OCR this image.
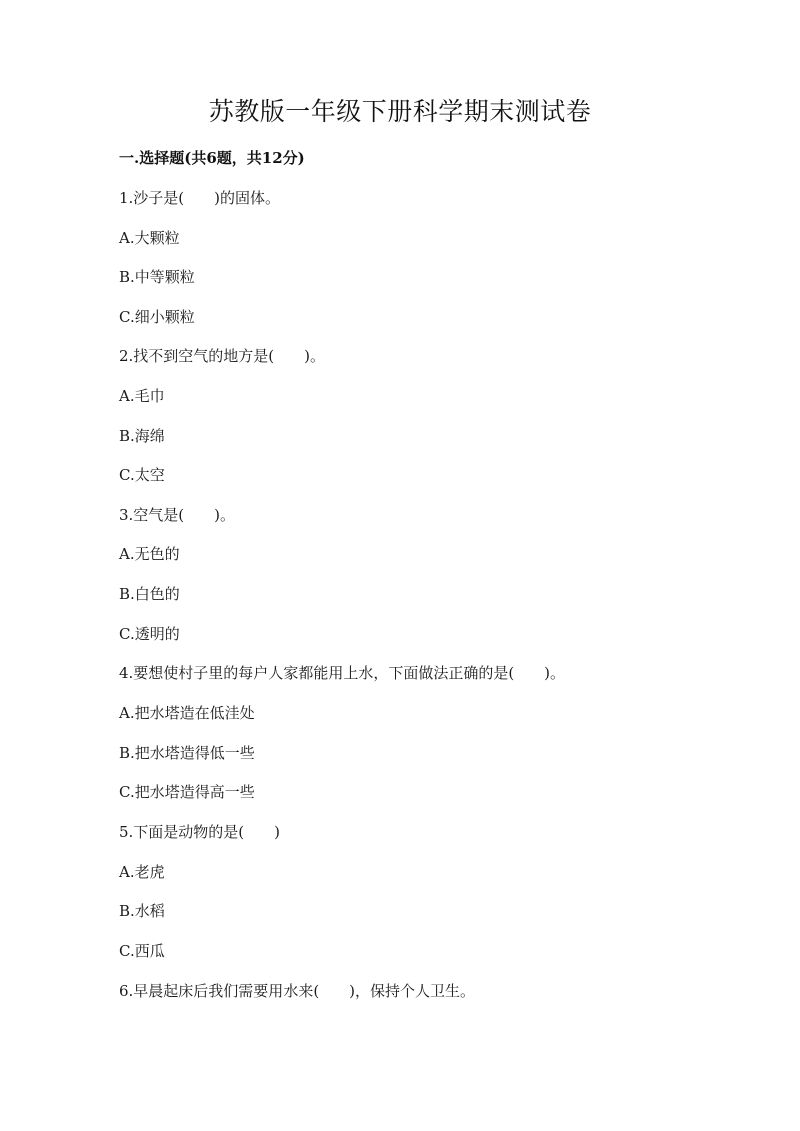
苏教版一年级下册科学期末测试卷
一.选择题(共6题，共12分)
1.沙子是(　　)的固体。
A.大颗粒
B.中等颗粒
C.细小颗粒
2.找不到空气的地方是(　　)。
A.毛巾
B.海绵
C.太空
3.空气是(　　)。
A.无色的
B.白色的
C.透明的
4.要想使村子里的每户人家都能用上水，下面做法正确的是(　　)。
A.把水塔造在低洼处
B.把水塔造得低一些
C.把水塔造得高一些
5.下面是动物的是(　　)
A.老虎
B.水稻
C.西瓜
6.早晨起床后我们需要用水来(　　)，保持个人卫生。
